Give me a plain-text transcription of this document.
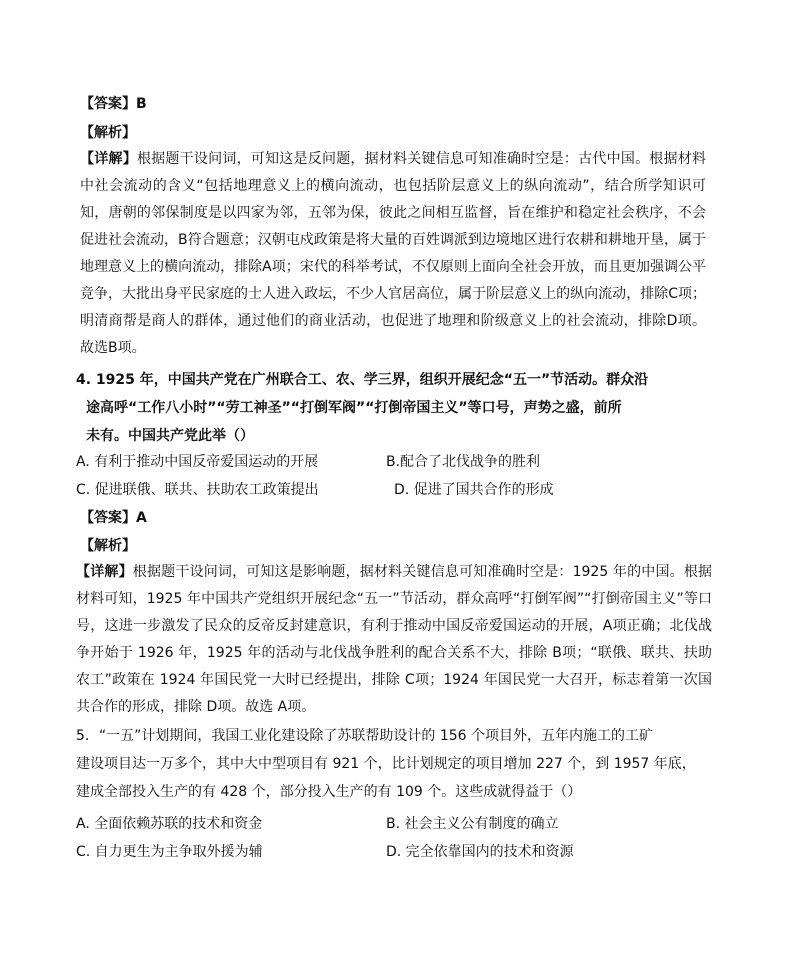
【答案】B
【解析】
【详解】根据题干设问词，可知这是反问题，据材料关键信息可知准确时空是：古代中国。根据材料中社会流动的含义“包括地理意义上的横向流动，也包括阶层意义上的纵向流动”，结合所学知识可知，唐朝的邻保制度是以四家为邻，五邻为保，彼此之间相互监督，旨在维护和稳定社会秩序，不会促进社会流动，B符合题意；汉朝屯戍政策是将大量的百姓调派到边境地区进行农耕和耕地开垦，属于地理意义上的横向流动，排除A项；宋代的科举考试，不仅原则上面向全社会开放，而且更加强调公平竞争，大批出身平民家庭的士人进入政坛，不少人官居高位，属于阶层意义上的纵向流动，排除C项；明清商帮是商人的群体，通过他们的商业活动，也促进了地理和阶级意义上的社会流动，排除D项。故选B项。
4. 1925 年，中国共产党在广州联合工、农、学三界，组织开展纪念“五一”节活动。群众沿
途高呼“工作八小时”“劳工神圣”“打倒军阀”“打倒帝国主义”等口号，声势之盛，前所
未有。中国共产党此举（）
A. 有利于推动中国反帝爱国运动的开展	B.配合了北伐战争的胜利
C. 促进联俄、联共、扶助农工政策提出	D. 促进了国共合作的形成
【答案】A
【解析】
【详解】根据题干设问词，可知这是影响题，据材料关键信息可知准确时空是：1925 年的中国。根据材料可知，1925 年中国共产党组织开展纪念“五一”节活动，群众高呼“打倒军阀”“打倒帝国主义”等口号，这进一步激发了民众的反帝反封建意识，有利于推动中国反帝爱国运动的开展，A项正确；北伐战争开始于 1926 年，1925 年的活动与北伐战争胜利的配合关系不大，排除 B项；“联俄、联共、扶助农工”政策在 1924 年国民党一大时已经提出，排除 C项；1924 年国民党一大召开，标志着第一次国共合作的形成，排除 D项。故选 A项。
5．“一五”计划期间，我国工业化建设除了苏联帮助设计的 156 个项目外，五年内施工的工矿
建设项目达一万多个，其中大中型项目有 921 个，比计划规定的项目增加 227 个，到 1957 年底，
建成全部投入生产的有 428 个，部分投入生产的有 109 个。这些成就得益于（）
A. 全面依赖苏联的技术和资金	B. 社会主义公有制度的确立
C. 自力更生为主争取外援为辅	D. 完全依靠国内的技术和资源
